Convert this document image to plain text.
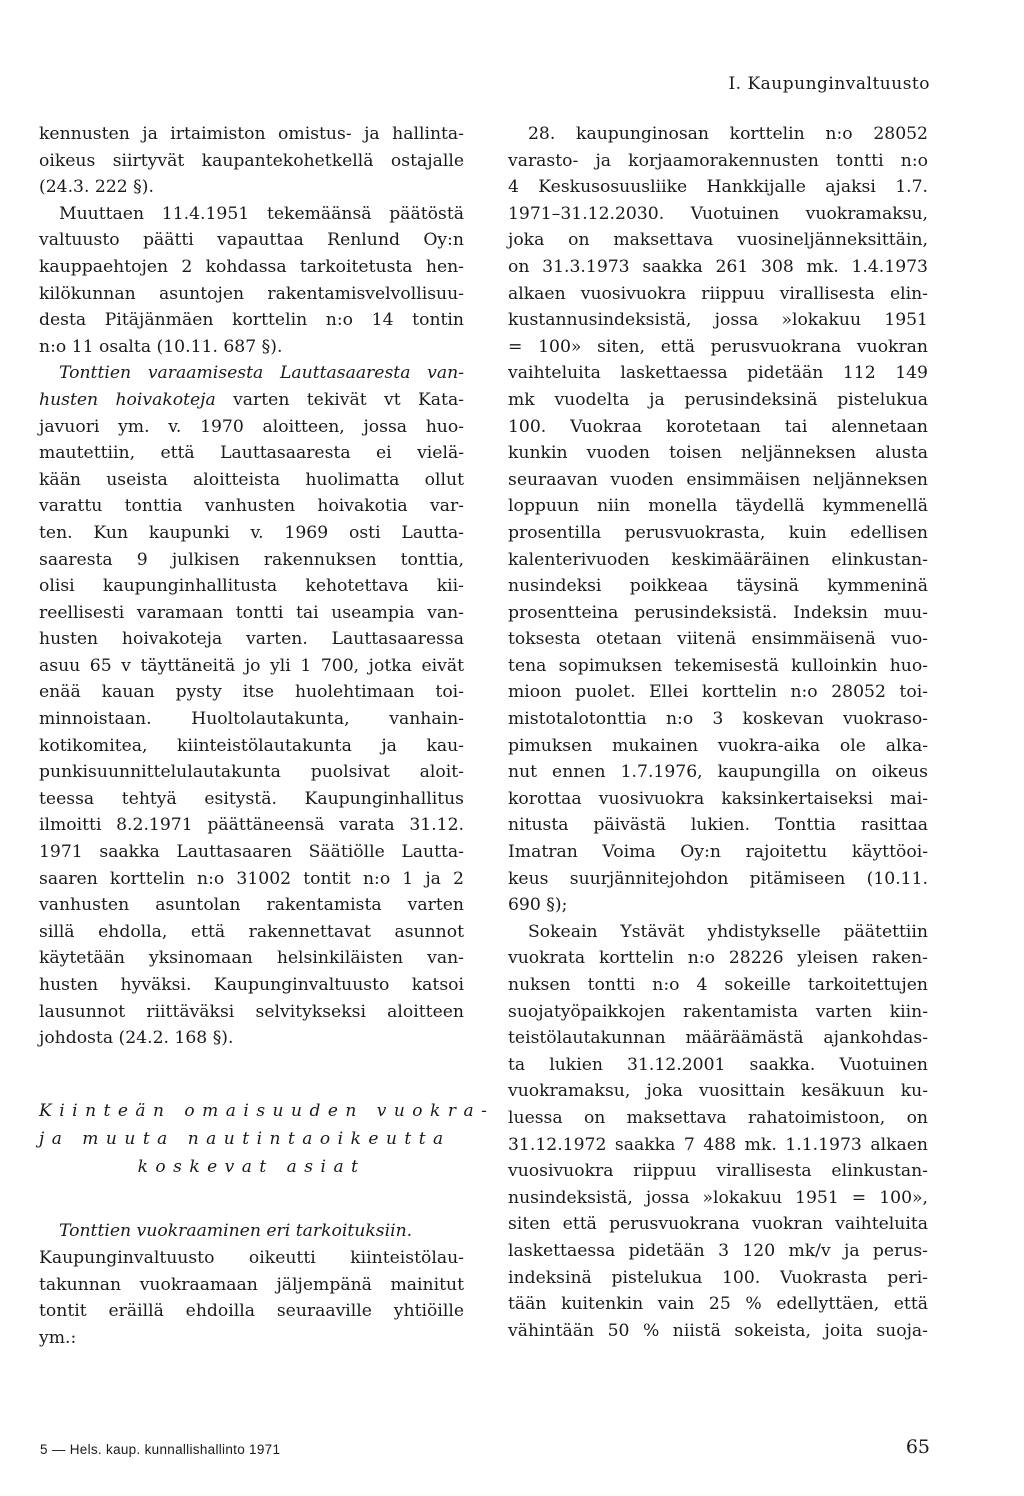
I. Kaupunginvaltuusto
kennusten ja irtaimiston omistus- ja hallinta-
oikeus siirtyvät kaupantekohetkellä ostajalle
(24.3. 222 §).
Muuttaen 11.4.1951 tekemäänsä päätöstä
valtuusto päätti vapauttaa Renlund Oy:n
kauppaehtojen 2 kohdassa tarkoitetusta hen-
kilökunnan asuntojen rakentamisvelvollisuu-
desta Pitäjänmäen korttelin n:o 14 tontin
n:o 11 osalta (10.11. 687 §).
Tonttien varaamisesta Lauttasaaresta van-
husten hoivakoteja varten tekivät vt Kata-
javuori ym. v. 1970 aloitteen, jossa huo-
mautettiin, että Lauttasaaresta ei vielä-
kään useista aloitteista huolimatta ollut
varattu tonttia vanhusten hoivakotia var-
ten. Kun kaupunki v. 1969 osti Lautta-
saaresta 9 julkisen rakennuksen tonttia,
olisi kaupunginhallitusta kehotettava kii-
reellisesti varamaan tontti tai useampia van-
husten hoivakoteja varten. Lauttasaaressa
asuu 65 v täyttäneitä jo yli 1 700, jotka eivät
enää kauan pysty itse huolehtimaan toi-
minnoistaan. Huoltolautakunta, vanhain-
kotikomitea, kiinteistölautakunta ja kau-
punkisuunnittelulautakunta puolsivat aloit-
teessa tehtyä esitystä. Kaupunginhallitus
ilmoitti 8.2.1971 päättäneensä varata 31.12.
1971 saakka Lauttasaaren Säätiölle Lautta-
saaren korttelin n:o 31002 tontit n:o 1 ja 2
vanhusten asuntolan rakentamista varten
sillä ehdolla, että rakennettavat asunnot
käytetään yksinomaan helsinkiläisten van-
husten hyväksi. Kaupunginvaltuusto katsoi
lausunnot riittäväksi selvitykseksi aloitteen
johdosta (24.2. 168 §).
Kiinteän omaisuuden vuokra-
ja muuta nautintaoikeutta
koskevat asiat
Tonttien vuokraaminen eri tarkoituksiin.
Kaupunginvaltuusto oikeutti kiinteistölau-
takunnan vuokraamaan jäljempänä mainitut
tontit eräillä ehdoilla seuraaville yhtiöille
ym.:
28. kaupunginosan korttelin n:o 28052
varasto- ja korjaamorakennusten tontti n:o
4 Keskusosuusliike Hankkijalle ajaksi 1.7.
1971–31.12.2030. Vuotuinen vuokramaksu,
joka on maksettava vuosineljänneksittäin,
on 31.3.1973 saakka 261 308 mk. 1.4.1973
alkaen vuosivuokra riippuu virallisesta elin-
kustannusindeksistä, jossa »lokakuu 1951
= 100» siten, että perusvuokrana vuokran
vaihteluita laskettaessa pidetään 112 149
mk vuodelta ja perusindeksinä pistelukua
100. Vuokraa korotetaan tai alennetaan
kunkin vuoden toisen neljänneksen alusta
seuraavan vuoden ensimmäisen neljänneksen
loppuun niin monella täydellä kymmenellä
prosentilla perusvuokrasta, kuin edellisen
kalenterivuoden keskimääräinen elinkustan-
nusindeksi poikkeaa täysinä kymmeninä
prosentteina perusindeksistä. Indeksin muu-
toksesta otetaan viitenä ensimmäisenä vuo-
tena sopimuksen tekemisestä kulloinkin huo-
mioon puolet. Ellei korttelin n:o 28052 toi-
mistotalotonttia n:o 3 koskevan vuokraso-
pimuksen mukainen vuokra-aika ole alka-
nut ennen 1.7.1976, kaupungilla on oikeus
korottaa vuosivuokra kaksinkertaiseksi mai-
nitusta päivästä lukien. Tonttia rasittaa
Imatran Voima Oy:n rajoitettu käyttöoi-
keus suurjännitejohdon pitämiseen (10.11.
690 §);
Sokeain Ystävät yhdistykselle päätettiin
vuokrata korttelin n:o 28226 yleisen raken-
nuksen tontti n:o 4 sokeille tarkoitettujen
suojatyöpaikkojen rakentamista varten kiin-
teistölautakunnan määräämästä ajankohdas-
ta lukien 31.12.2001 saakka. Vuotuinen
vuokramaksu, joka vuosittain kesäkuun ku-
luessa on maksettava rahatoimistoon, on
31.12.1972 saakka 7 488 mk. 1.1.1973 alkaen
vuosivuokra riippuu virallisesta elinkustan-
nusindeksistä, jossa »lokakuu 1951 = 100»,
siten että perusvuokrana vuokran vaihteluita
laskettaessa pidetään 3 120 mk/v ja perus-
indeksinä pistelukua 100. Vuokrasta peri-
tään kuitenkin vain 25 % edellyttäen, että
vähintään 50 % niistä sokeista, joita suoja-
5 — Hels. kaup. kunnallishallinto 1971	65
